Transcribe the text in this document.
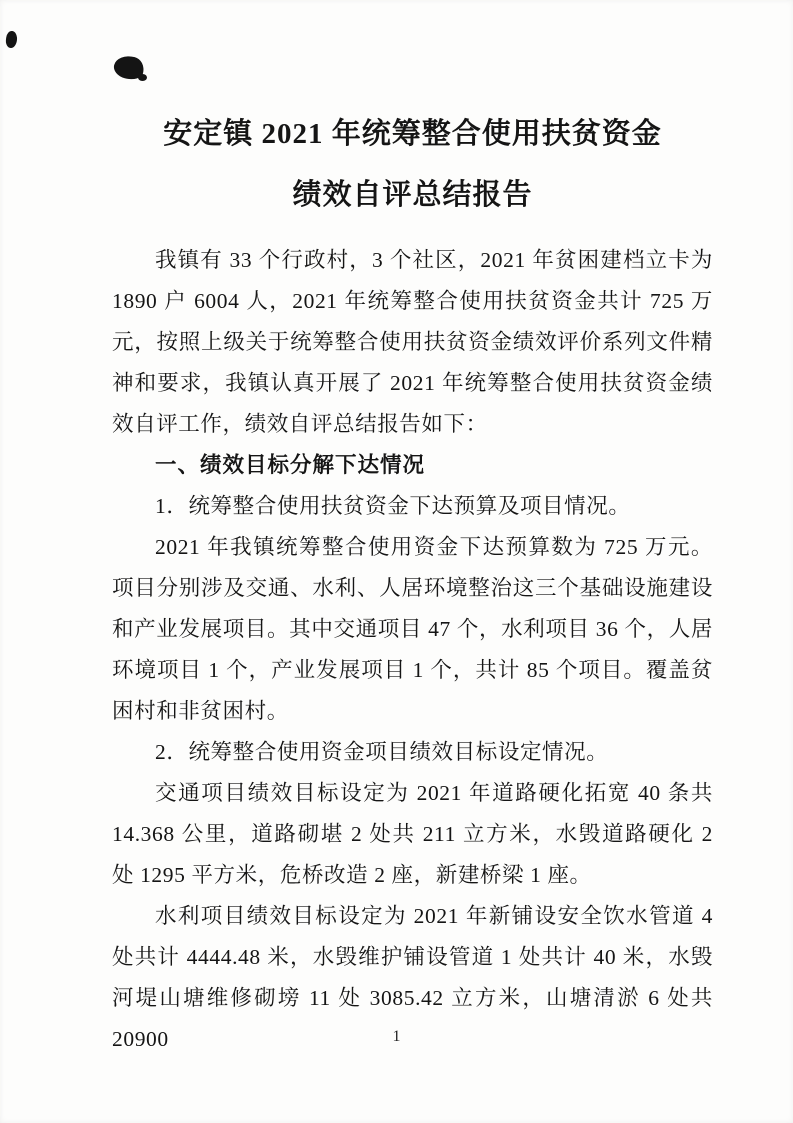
安定镇 2021 年统筹整合使用扶贫资金
绩效自评总结报告

我镇有 33 个行政村，3 个社区，2021 年贫困建档立卡为 1890 户 6004 人，2021 年统筹整合使用扶贫资金共计 725 万元，按照上级关于统筹整合使用扶贫资金绩效评价系列文件精神和要求，我镇认真开展了 2021 年统筹整合使用扶贫资金绩效自评工作，绩效自评总结报告如下：

一、绩效目标分解下达情况

1．统筹整合使用扶贫资金下达预算及项目情况。

2021 年我镇统筹整合使用资金下达预算数为 725 万元。项目分别涉及交通、水利、人居环境整治这三个基础设施建设和产业发展项目。其中交通项目 47 个，水利项目 36 个，人居环境项目 1 个，产业发展项目 1 个，共计 85 个项目。覆盖贫困村和非贫困村。

2．统筹整合使用资金项目绩效目标设定情况。

交通项目绩效目标设定为 2021 年道路硬化拓宽 40 条共 14.368 公里，道路砌堪 2 处共 211 立方米，水毁道路硬化 2 处 1295 平方米，危桥改造 2 座，新建桥梁 1 座。

水利项目绩效目标设定为 2021 年新铺设安全饮水管道 4 处共计 4444.48 米，水毁维护铺设管道 1 处共计 40 米，水毁河堤山塘维修砌塝 11 处 3085.42 立方米，山塘清淤 6 处共 20900	1
